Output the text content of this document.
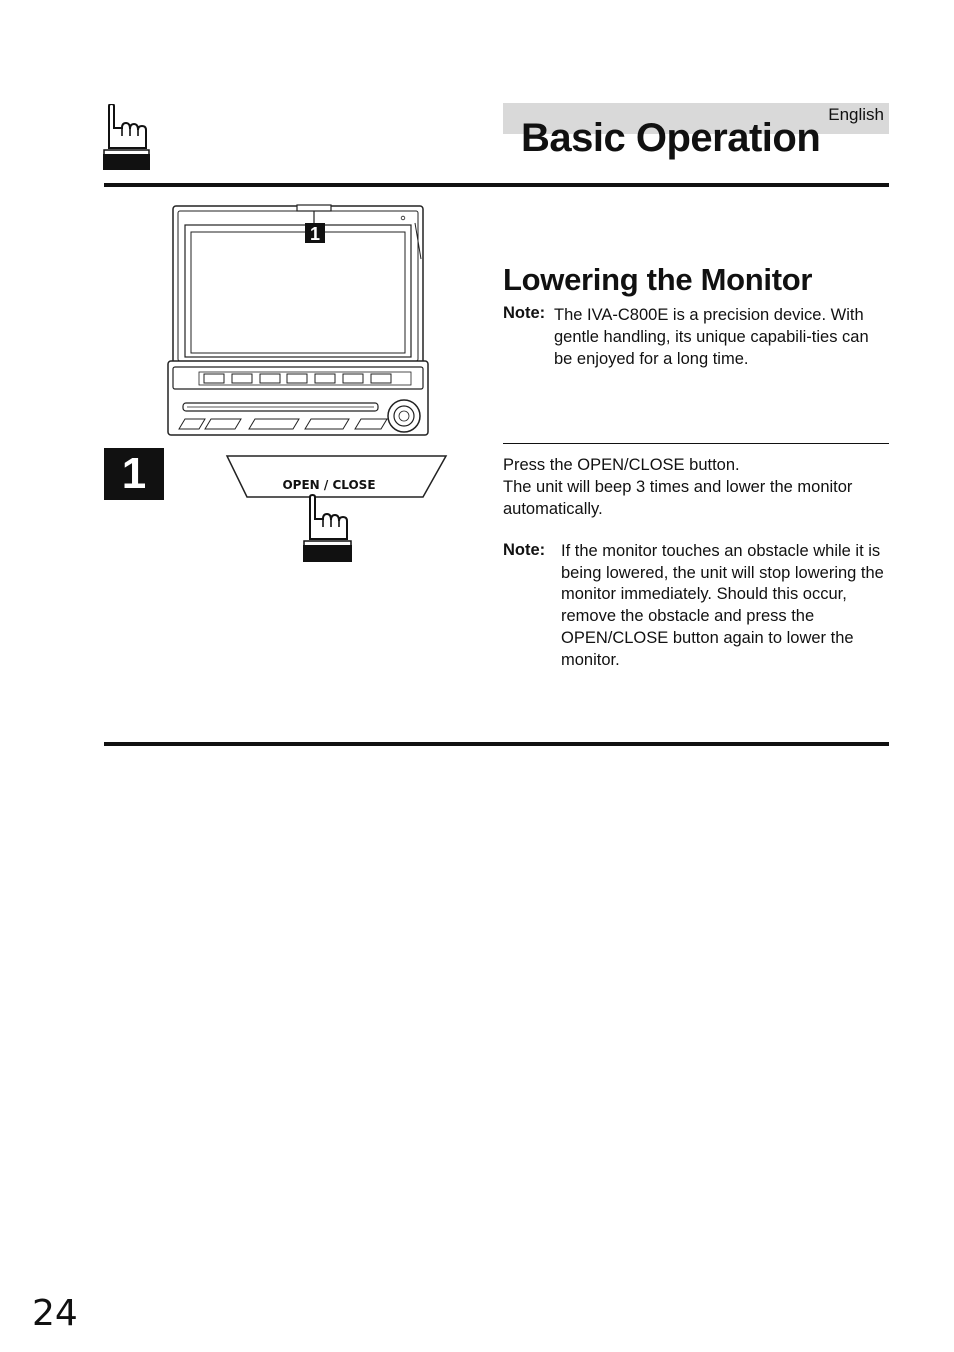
English
Basic Operation
1
Lowering the Monitor
Note: The IVA-C800E is a precision device. With gentle handling, its unique capabili-ties can be enjoyed for a long time.

1	OPEN / CLOSE

Press the OPEN/CLOSE button.

The unit will beep 3 times and lower the monitor automatically.

Note: If the monitor touches an obstacle while it is being lowered, the unit will stop lowering the monitor immediately. Should this occur, remove the obstacle and press the OPEN/CLOSE button again to lower the monitor.

24
